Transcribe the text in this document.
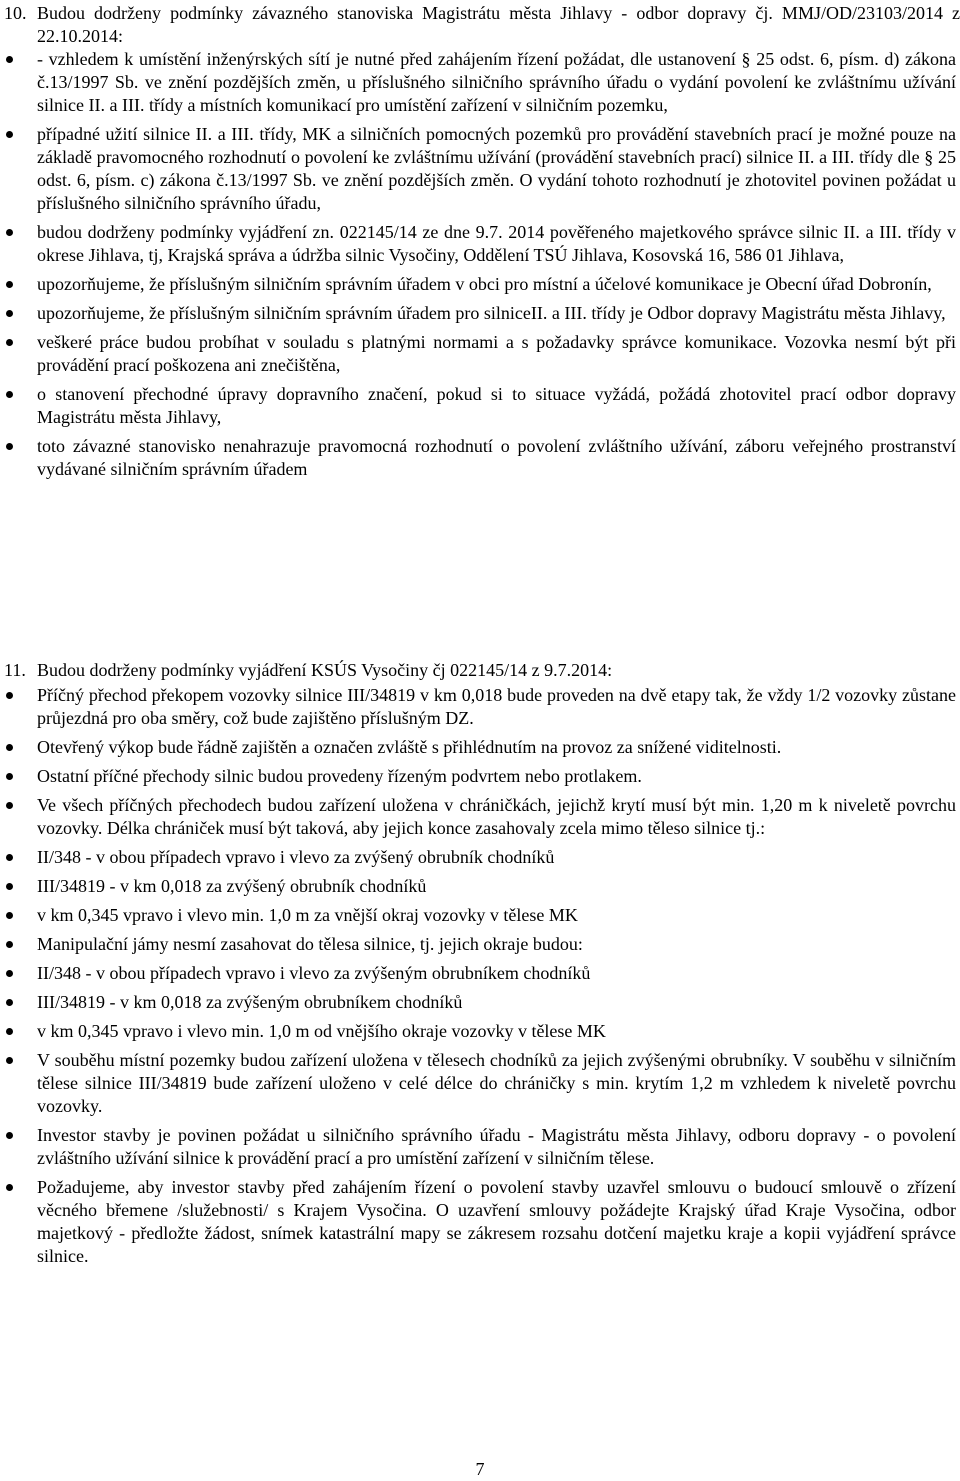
10. Budou dodrženy podmínky závazného stanoviska Magistrátu města Jihlavy - odbor dopravy čj. MMJ/OD/23103/2014 z 22.10.2014:
- vzhledem k umístění inženýrských sítí je nutné před zahájením řízení požádat, dle ustanovení § 25 odst. 6, písm. d) zákona č.13/1997 Sb. ve znění pozdějších změn, u příslušného silničního správního úřadu o vydání povolení ke zvláštnímu užívání silnice II. a III. třídy a místních komunikací pro umístění zařízení v silničním pozemku,
případné užití silnice II. a III. třídy, MK a silničních pomocných pozemků pro provádění stavebních prací je možné pouze na základě pravomocného rozhodnutí o povolení ke zvláštnímu užívání (provádění stavebních prací) silnice II. a III. třídy dle § 25 odst. 6, písm. c) zákona č.13/1997 Sb. ve znění pozdějších změn. O vydání tohoto rozhodnutí je zhotovitel povinen požádat u příslušného silničního správního úřadu,
budou dodrženy podmínky vyjádření zn. 022145/14 ze dne 9.7. 2014 pověřeného majetkového správce silnic II. a III. třídy v okrese Jihlava, tj, Krajská správa a údržba silnic Vysočiny, Oddělení TSÚ Jihlava, Kosovská 16, 586 01 Jihlava,
upozorňujeme, že příslušným silničním správním úřadem v obci pro místní a účelové komunikace je Obecní úřad Dobronín,
upozorňujeme, že příslušným silničním správním úřadem pro silniceII. a III. třídy je Odbor dopravy Magistrátu města Jihlavy,
veškeré práce budou probíhat v souladu s platnými normami a s požadavky správce komunikace. Vozovka nesmí být při provádění prací poškozena ani znečištěna,
o stanovení přechodné úpravy dopravního značení, pokud si to situace vyžádá, požádá zhotovitel prací odbor dopravy Magistrátu města Jihlavy,
toto závazné stanovisko nenahrazuje pravomocná rozhodnutí o povolení zvláštního užívání, záboru veřejného prostranství vydávané silničním správním úřadem
11. Budou dodrženy podmínky vyjádření KSÚS Vysočiny čj 022145/14 z 9.7.2014:
Příčný přechod překopem vozovky silnice III/34819 v km 0,018 bude proveden na dvě etapy tak, že vždy 1/2 vozovky zůstane průjezdná pro oba směry, což bude zajištěno příslušným DZ.
Otevřený výkop bude řádně zajištěn a označen zvláště s přihlédnutím na provoz za snížené viditelnosti.
Ostatní příčné přechody silnic budou provedeny řízeným podvrtem nebo protlakem.
Ve všech příčných přechodech budou zařízení uložena v chráničkách, jejichž krytí musí být min. 1,20 m k niveletě povrchu vozovky. Délka chrániček musí být taková, aby jejich konce zasahovaly zcela mimo těleso silnice tj.:
II/348 - v obou případech vpravo i vlevo za zvýšený obrubník chodníků
III/34819 - v km 0,018 za zvýšený obrubník chodníků
v km 0,345 vpravo i vlevo min. 1,0 m za vnější okraj vozovky v tělese MK
Manipulační jámy nesmí zasahovat do tělesa silnice, tj. jejich okraje budou:
II/348 - v obou případech vpravo i vlevo za zvýšeným obrubníkem chodníků
III/34819 - v km 0,018 za zvýšeným obrubníkem chodníků
v km 0,345 vpravo i vlevo min. 1,0 m od vnějšího okraje vozovky v tělese MK
V souběhu místní pozemky budou zařízení uložena v tělesech chodníků za jejich zvýšenými obrubníky. V souběhu v silničním tělese silnice III/34819 bude zařízení uloženo v celé délce do chráničky s min. krytím 1,2 m vzhledem k niveletě povrchu vozovky.
Investor stavby je povinen požádat u silničního správního úřadu - Magistrátu města Jihlavy, odboru dopravy - o povolení zvláštního užívání silnice k provádění prací a pro umístění zařízení v silničním tělese.
Požadujeme, aby investor stavby před zahájením řízení o povolení stavby uzavřel smlouvu o budoucí smlouvě o zřízení věcného břemene /služebnosti/ s Krajem Vysočina. O uzavření smlouvy požádejte Krajský úřad Kraje Vysočina, odbor majetkový - předložte žádost, snímek katastrální mapy se zákresem rozsahu dotčení majetku kraje a kopii vyjádření správce silnice.
7
